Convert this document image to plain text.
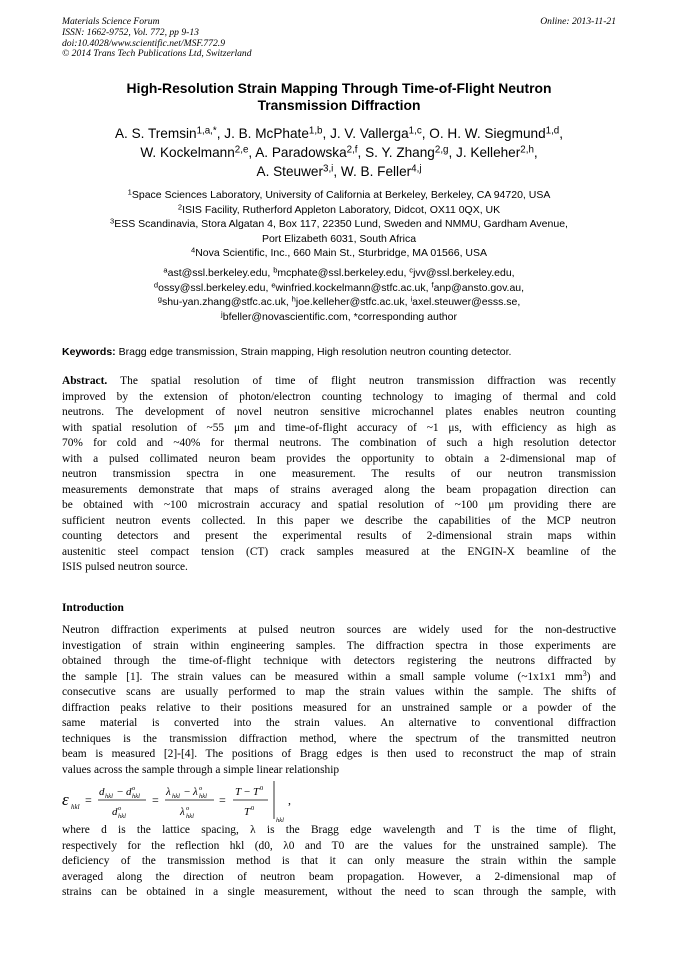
Materials Science Forum	Online: 2013-11-21
ISSN: 1662-9752, Vol. 772, pp 9-13
doi:10.4028/www.scientific.net/MSF.772.9
© 2014 Trans Tech Publications Ltd, Switzerland
High-Resolution Strain Mapping Through Time-of-Flight Neutron
Transmission Diffraction
A. S. Tremsin$^{1,a,*}$, J. B. McPhate$^{1,b}$, J. V. Vallerga$^{1,c}$, O. H. W. Siegmund$^{1,d}$,
W. Kockelmann$^{2,e}$, A. Paradowska$^{2,f}$, S. Y. Zhang$^{2,g}$, J. Kelleher$^{2,h}$,
A. Steuwer$^{3,i}$, W. B. Feller$^{4,j}$
$^1$Space Sciences Laboratory, University of California at Berkeley, Berkeley, CA 94720, USA
$^2$ISIS Facility, Rutherford Appleton Laboratory, Didcot, OX11 0QX, UK
$^3$ESS Scandinavia, Stora Algatan 4, Box 117, 22350 Lund, Sweden and NMMU, Gardham Avenue,
Port Elizabeth 6031, South Africa
$^4$Nova Scientific, Inc., 660 Main St., Sturbridge, MA 01566, USA
$^a$ast@ssl.berkeley.edu, $^b$mcphate@ssl.berkeley.edu, $^c$jvv@ssl.berkeley.edu,
$^d$ossy@ssl.berkeley.edu, $^e$winfried.kockelmann@stfc.ac.uk, $^f$anp@ansto.gov.au,
$^g$shu-yan.zhang@stfc.ac.uk, $^h$joe.kelleher@stfc.ac.uk, $^i$axel.steuwer@esss.se,
$^j$bfeller@novascientific.com, *corresponding author
Keywords: Bragg edge transmission, Strain mapping, High resolution neutron counting detector.
Abstract. The spatial resolution of time of flight neutron transmission diffraction was recently
improved by the extension of photon/electron counting technology to imaging of thermal and cold
neutrons. The development of novel neutron sensitive microchannel plates enables neutron counting
with spatial resolution of ~55 μm and time-of-flight accuracy of ~1 μs, with efficiency as high as
70% for cold and ~40% for thermal neutrons. The combination of such a high resolution detector
with a pulsed collimated neuron beam provides the opportunity to obtain a 2-dimensional map of
neutron transmission spectra in one measurement. The results of our neutron transmission
measurements demonstrate that maps of strains averaged along the beam propagation direction can
be obtained with ~100 microstrain accuracy and spatial resolution of ~100 μm providing there are
sufficient neutron events collected. In this paper we describe the capabilities of the MCP neutron
counting detectors and present the experimental results of 2-dimensional strain maps within
austenitic steel compact tension (CT) crack samples measured at the ENGIN-X beamline of the
ISIS pulsed neutron source.
Introduction
Neutron diffraction experiments at pulsed neutron sources are widely used for the non-destructive
investigation of strain within engineering samples. The diffraction spectra in those experiments are
obtained through the time-of-flight technique with detectors registering the neutrons diffracted by
the sample [1]. The strain values can be measured within a small sample volume (~1x1x1 $mm^3$) and
consecutive scans are usually performed to map the strain values within the sample. The shifts of
diffraction peaks relative to their positions measured for an unstrained sample or a powder of the
same material is converted into the strain values. An alternative to conventional diffraction
techniques is the transmission diffraction method, where the spectrum of the transmitted neutron
beam is measured [2]-[4]. The positions of Bragg edges is then used to reconstruct the map of strain
values across the sample through a simple linear relationship
ε hkl =
d hkl − d o
hkl
d o
hkl
=
λ hkl − λ o
hkl
λ o
hkl
=
T − T 0
T 0
hkl
,
where d is the lattice spacing, λ is the Bragg edge wavelength and T is the time of flight,
respectively for the reflection hkl (d0, λ0 and T0 are the values for the unstrained sample). The
deficiency of the transmission method is that it can only measure the strain within the sample
averaged along the direction of neutron beam propagation. However, a 2-dimensional map of
strains can be obtained in a single measurement, without the need to scan through the sample, with
